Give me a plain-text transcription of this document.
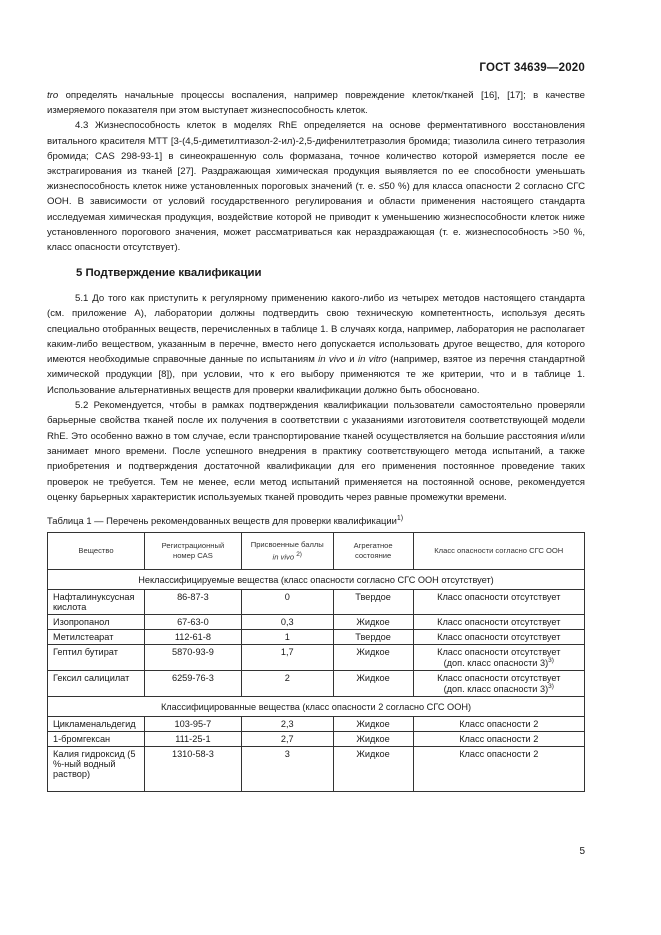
ГОСТ 34639—2020

tro определять начальные процессы воспаления, например повреждение клеток/тканей [16], [17]; в качестве измеряемого показателя при этом выступает жизнеспособность клеток.

4.3 Жизнеспособность клеток в моделях RhE определяется на основе ферментативного восстановления витального красителя МТТ [3-(4,5-диметилтиазол-2-ил)-2,5-дифенилтетразолия бромида; тиазолила синего тетразолия бромида; CAS 298-93-1] в синеокрашенную соль формазана, точное количество которой измеряется после ее экстрагирования из тканей [27]. Раздражающая химическая продукция выявляется по ее способности уменьшать жизнеспособность клеток ниже установленных пороговых значений (т. е. ≤50 %) для класса опасности 2 согласно СГС ООН. В зависимости от условий государственного регулирования и области применения настоящего стандарта исследуемая химическая продукция, воздействие которой не приводит к уменьшению жизнеспособности клеток ниже установленного порогового значения, может рассматриваться как нераздражающая (т. е. жизнеспособность >50 %, класс опасности отсутствует).

5 Подтверждение квалификации

5.1 До того как приступить к регулярному применению какого-либо из четырех методов настоящего стандарта (см. приложение А), лаборатории должны подтвердить свою техническую компетентность, используя десять специально отобранных веществ, перечисленных в таблице 1. В случаях когда, например, лаборатория не располагает каким-либо веществом, указанным в перечне, вместо него допускается использовать другое вещество, для которого имеются необходимые справочные данные по испытаниям in vivo и in vitro (например, взятое из перечня стандартной химической продукции [8]), при условии, что к его выбору применяются те же критерии, что и в таблице 1. Использование альтернативных веществ для проверки квалификации должно быть обосновано.

5.2 Рекомендуется, чтобы в рамках подтверждения квалификации пользователи самостоятельно проверяли барьерные свойства тканей после их получения в соответствии с указаниями изготовителя соответствующей модели RhE. Это особенно важно в том случае, если транспортирование тканей осуществляется на большие расстояния и/или занимает много времени. После успешного внедрения в практику соответствующего метода испытаний, а также приобретения и подтверждения достаточной квалификации для его применения постоянное проведение таких проверок не требуется. Тем не менее, если метод испытаний применяется на постоянной основе, рекомендуется оценку барьерных характеристик используемых тканей проводить через равные промежутки времени.

Таблица 1 — Перечень рекомендованных веществ для проверки квалификации$^{1)}$
Вещество	Регистрационный номер CAS	Присвоенные баллы
in vivo $^{2)}$	Агрегатное состояние	Класс опасности согласно СГС ООН
Неклассифицируемые вещества (класс опасности согласно СГС ООН отсутствует)				
Нафталинуксусная кислота	86-87-3	0	Твердое	Класс опасности отсутствует
Изопропанол	67-63-0	0,3	Жидкое	Класс опасности отсутствует
Метилстеарат	112-61-8	1	Твердое	Класс опасности отсутствует
Гептил бутират	5870-93-9	1,7	Жидкое	Класс опасности отсутствует
(доп. класс опасности 3)$^{3)}$
Гексил салицилат	6259-76-3	2	Жидкое	Класс опасности отсутствует
(доп. класс опасности 3)$^{3)}$
Классифицированные вещества (класс опасности 2 согласно СГС ООН)				
Цикламенальдегид	103-95-7	2,3	Жидкое	Класс опасности 2
1-бромгексан	111-25-1	2,7	Жидкое	Класс опасности 2
Калия гидроксид (5 %-ный водный раствор)	1310-58-3	3	Жидкое	Класс опасности 2
5
